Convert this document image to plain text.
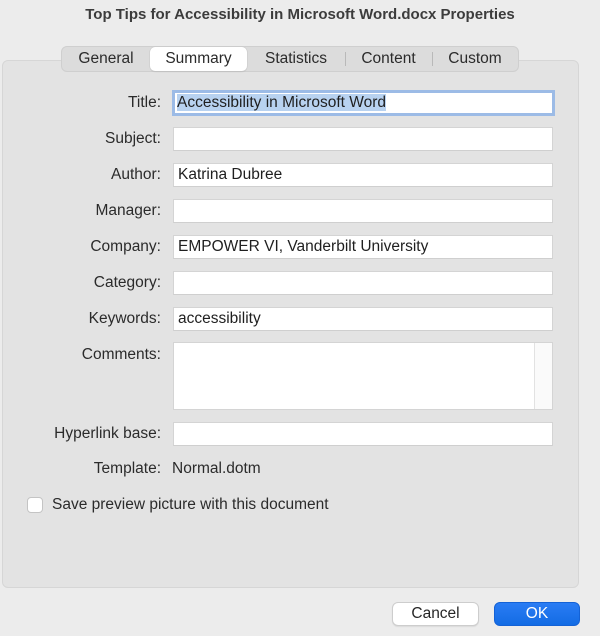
Top Tips for Accessibility in Microsoft Word.docx Properties
General	Summary	Statistics	Content	Custom
Title:	Accessibility in Microsoft Word
Subject:
Author:	Katrina Dubree
Manager:
Company:	EMPOWER VI, Vanderbilt University
Category:
Keywords:	accessibility
Comments:
Hyperlink base:
Template: Normal.dotm
Save preview picture with this document
Cancel	OK
